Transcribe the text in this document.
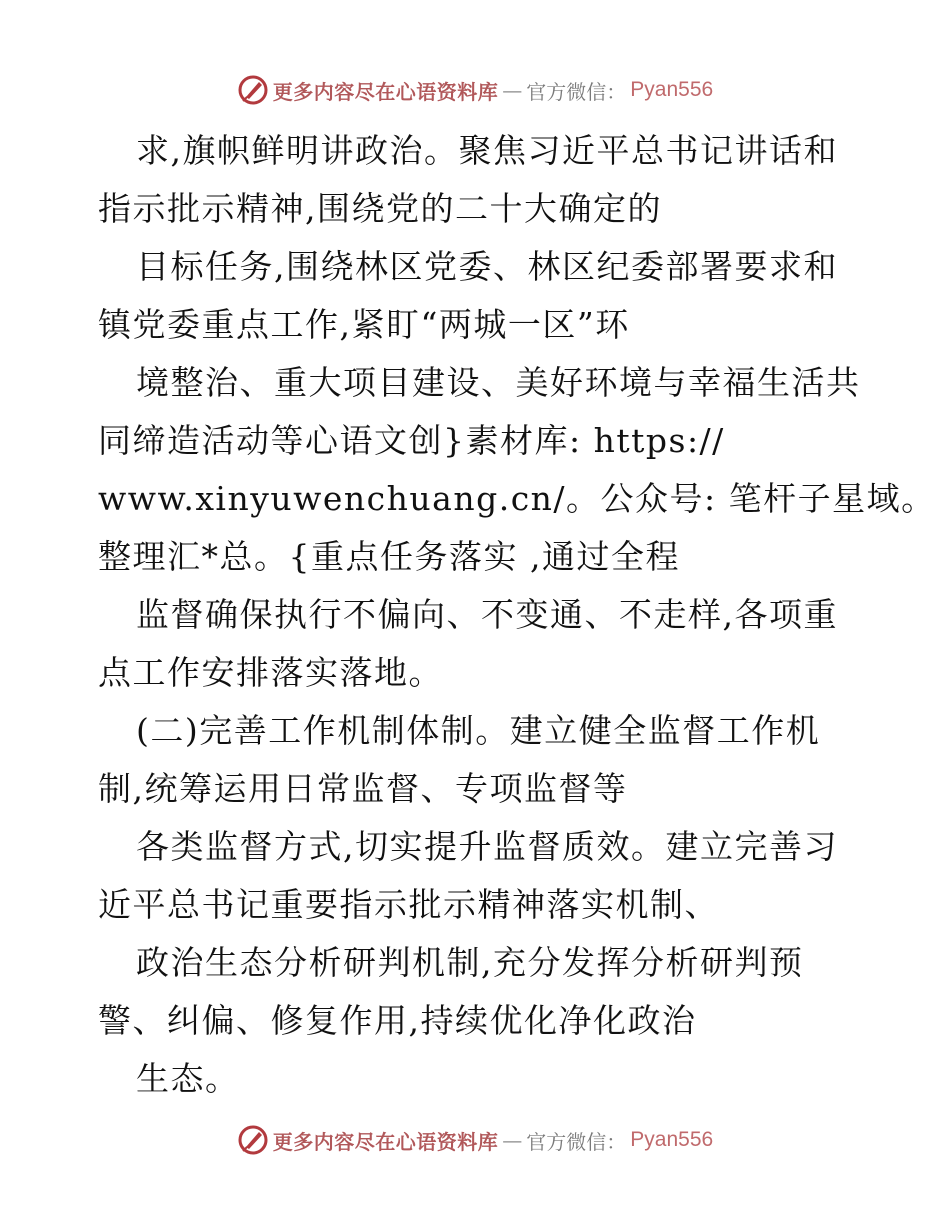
更多内容尽在心语资料库 — 官方微信： Pyan556
求,旗帜鲜明讲政治。聚焦习近平总书记讲话和
指示批示精神,围绕党的二十大确定的
目标任务,围绕林区党委、林区纪委部署要求和
镇党委重点工作,紧盯“两城一区”环
境整治、重大项目建设、美好环境与幸福生活共
同缔造活动等心语文创}素材库: https://
www.xinyuwenchuang.cn/。公众号: 笔杆子星域。
整理汇*总。{重点任务落实 ,通过全程
监督确保执行不偏向、不变通、不走样,各项重
点工作安排落实落地。
(二)完善工作机制体制。建立健全监督工作机
制,统筹运用日常监督、专项监督等
各类监督方式,切实提升监督质效。建立完善习
近平总书记重要指示批示精神落实机制、
政治生态分析研判机制,充分发挥分析研判预
警、纠偏、修复作用,持续优化净化政治
生态。
更多内容尽在心语资料库 — 官方微信： Pyan556
